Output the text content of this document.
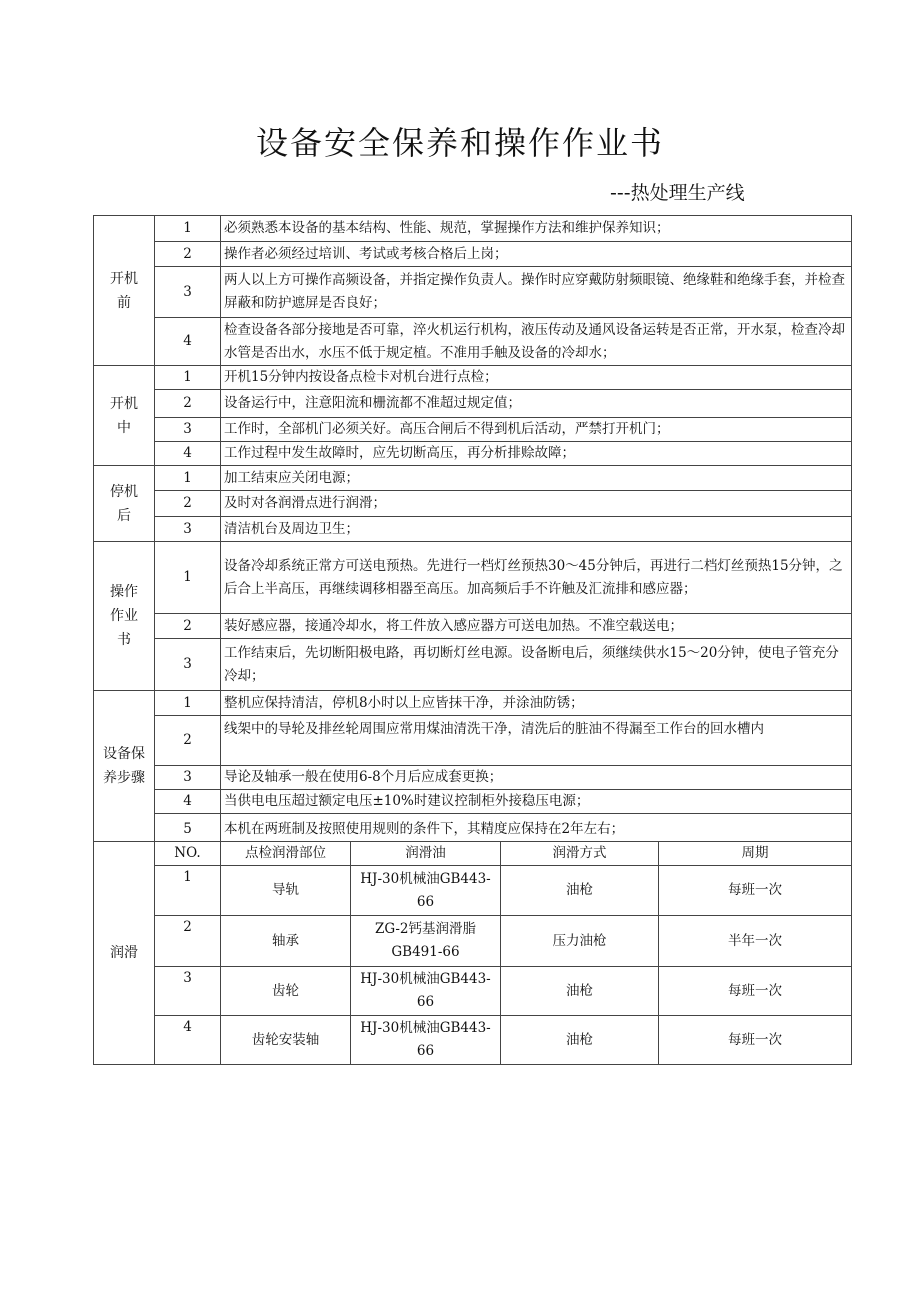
设备安全保养和操作作业书
---热处理生产线
开机前	1	必须熟悉本设备的基本结构、性能、规范，掌握操作方法和维护保养知识；			
	2	操作者必须经过培训、考试或考核合格后上岗；			
	3	两人以上方可操作高频设备，并指定操作负责人。操作时应穿戴防射频眼镜、绝缘鞋和绝缘手套，并检查屏蔽和防护遮屏是否良好；			
	4	检查设备各部分接地是否可靠，淬火机运行机构，液压传动及通风设备运转是否正常，开水泵，检查冷却水管是否出水，水压不低于规定植。不准用手触及设备的冷却水；			

开机中	1	开机15分钟内按设备点检卡对机台进行点检；			
	2	设备运行中，注意阳流和栅流都不准超过规定值；			
	3	工作时，全部机门必须关好。高压合闸后不得到机后活动，严禁打开机门；			
	4	工作过程中发生故障时，应先切断高压，再分析排赊故障；			

停机后	1	加工结束应关闭电源；			
	2	及时对各润滑点进行润滑；			
	3	清洁机台及周边卫生；			

操作作业书	1	设备冷却系统正常方可送电预热。先进行一档灯丝预热30～45分钟后，再进行二档灯丝预热15分钟，之后合上半高压，再继续调移相器至高压。加高频后手不许触及汇流排和感应器；			
	2	装好感应器，接通冷却水，将工件放入感应器方可送电加热。不准空载送电；			
	3	工作结束后，先切断阳极电路，再切断灯丝电源。设备断电后，须继续供水15～20分钟，使电子管充分冷却；			

设备保养步骤	1	整机应保持清洁，停机8小时以上应皆抹干净，并涂油防锈；			
	2	线架中的导轮及排丝轮周围应常用煤油清洗干净，清洗后的脏油不得漏至工作台的回水槽内			
	3	导论及轴承一般在使用6-8个月后应成套更换；			
	4	当供电电压超过额定电压±10%时建议控制柜外接稳压电源；			
	5	本机在两班制及按照使用规则的条件下，其精度应保持在2年左右；			
润滑	NO.	点检润滑部位	润滑油	润滑方式	周期
	1	导轨	HJ-30机械油GB443-66	油枪	每班一次
	2	轴承	ZG-2钙基润滑脂GB491-66	压力油枪	半年一次
	3	齿轮	HJ-30机械油GB443-66	油枪	每班一次
	4	齿轮安装轴	HJ-30机械油GB443-66	油枪	每班一次
